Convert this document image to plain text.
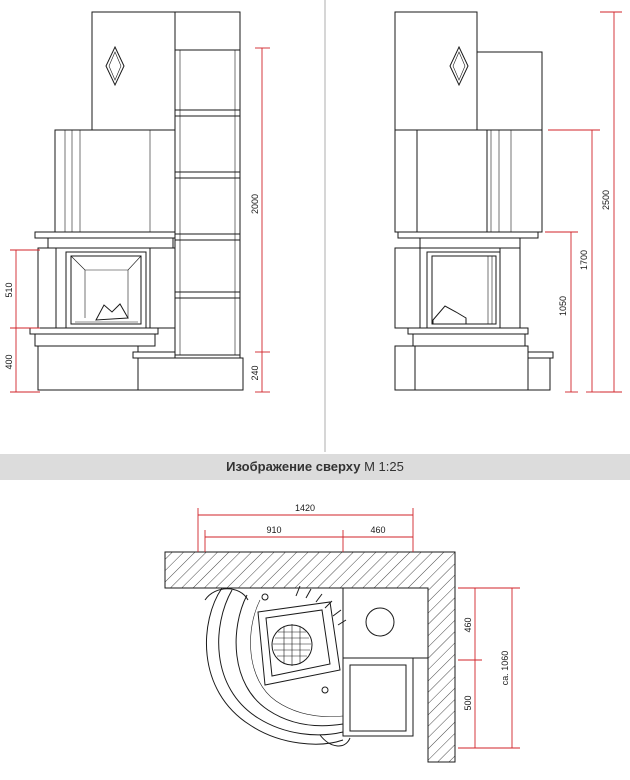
2000
240
510
400
2500
1700
1050
1420
910	460
460
500
ca. 1060
Изображение сверху М 1:25
